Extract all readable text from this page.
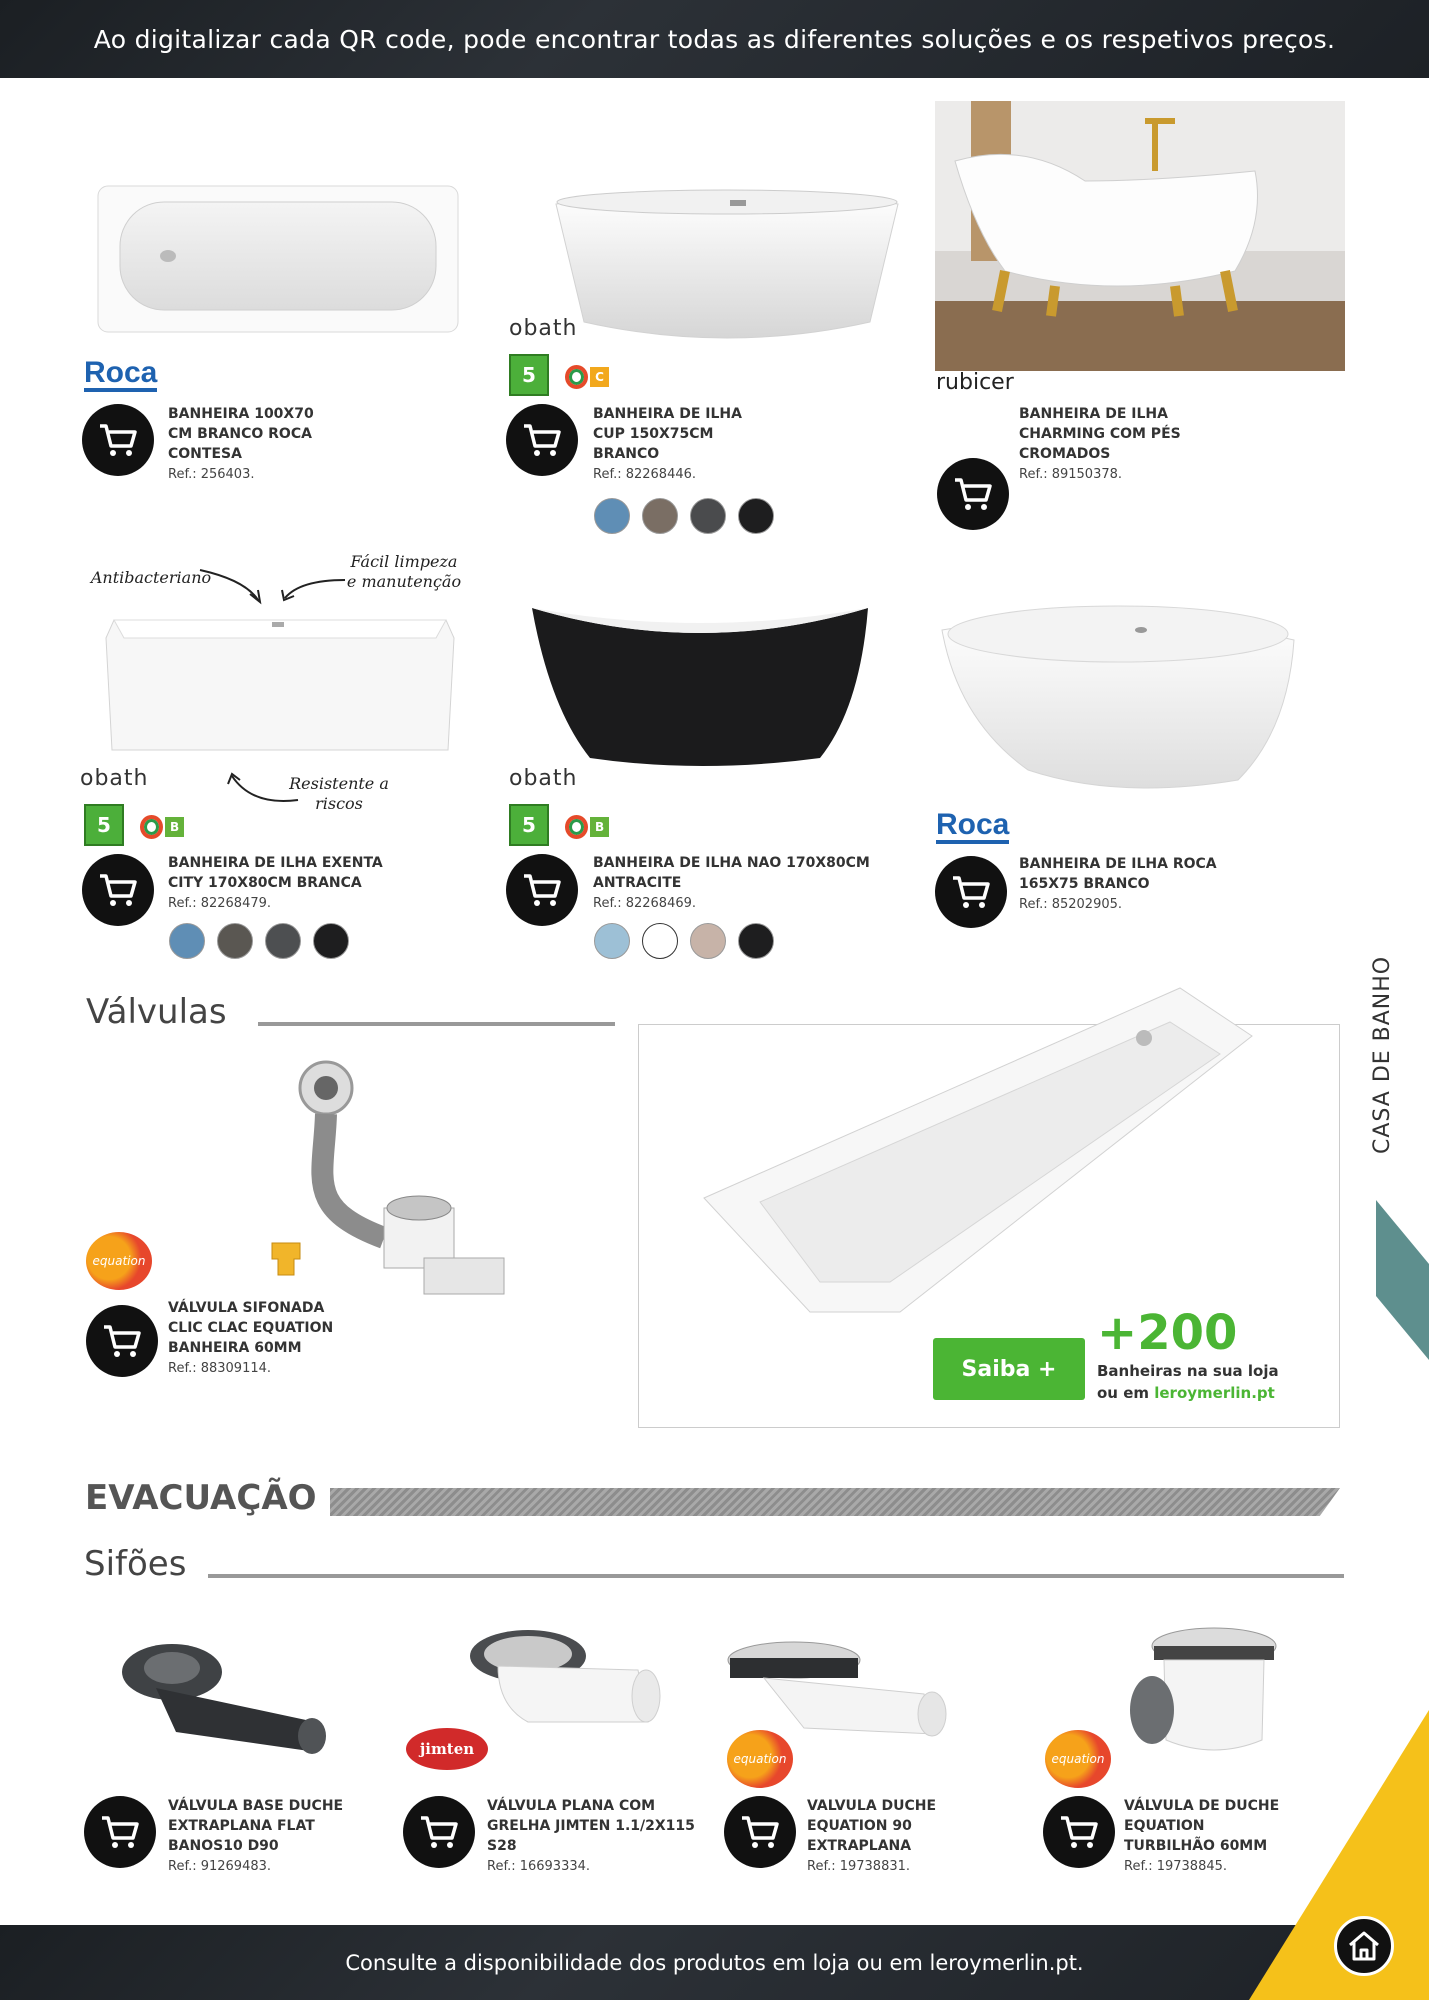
Ao digitalizar cada QR code, pode encontrar todas as diferentes soluções e os respetivos preços.
CASA DE BANHO
Roca
BANHEIRA 100X70 CM BRANCO ROCA CONTESA
Ref.: 256403.
obath
5	C
BANHEIRA DE ILHA CUP 150X75CM BRANCO
Ref.: 82268446.
rubicer
BANHEIRA DE ILHA CHARMING COM PÉS CROMADOS
Ref.: 89150378.
Antibacteriano
Fácil limpeza e manutenção
Resistente a riscos
obath
5	B
BANHEIRA DE ILHA EXENTA CITY 170X80CM BRANCA
Ref.: 82268479.
obath
5	B
BANHEIRA DE ILHA NAO 170X80CM ANTRACITE
Ref.: 82268469.
Roca
BANHEIRA DE ILHA ROCA 165X75 BRANCO
Ref.: 85202905.
Válvulas
equation
VÁLVULA SIFONADA CLIC CLAC EQUATION BANHEIRA 60MM
Ref.: 88309114.	Saiba +
+200
Banheiras na sua loja
ou em leroymerlin.pt
EVACUAÇÃO
Sifões
VÁLVULA BASE DUCHE EXTRAPLANA FLAT BANOS10 D90
Ref.: 91269483.
jimten
VÁLVULA PLANA COM GRELHA JIMTEN 1.1/2X115 S28
Ref.: 16693334.
equation
VALVULA DUCHE EQUATION 90 EXTRAPLANA
Ref.: 19738831.
equation
VÁLVULA DE DUCHE EQUATION TURBILHÃO 60MM
Ref.: 19738845.
Consulte a disponibilidade dos produtos em loja ou em leroymerlin.pt.
